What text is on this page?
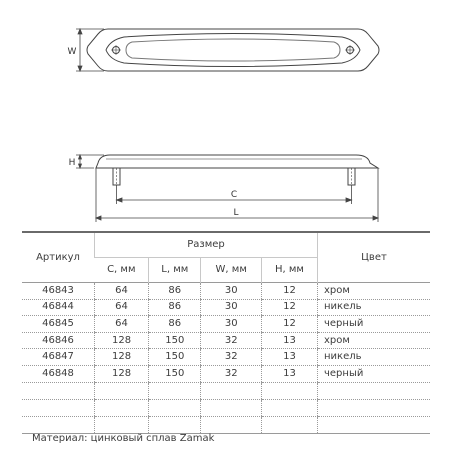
W
H
C
L
Артикул	Размер				Цвет
	C, мм	L, мм	W, мм	H, мм	
46843	64	86	30	12	хром
46844	64	86	30	12	никель
46845	64	86	30	12	черный
46846	128	150	32	13	хром
46847	128	150	32	13	никель
46848	128	150	32	13	черный

Материал: цинковый сплав Zamak
